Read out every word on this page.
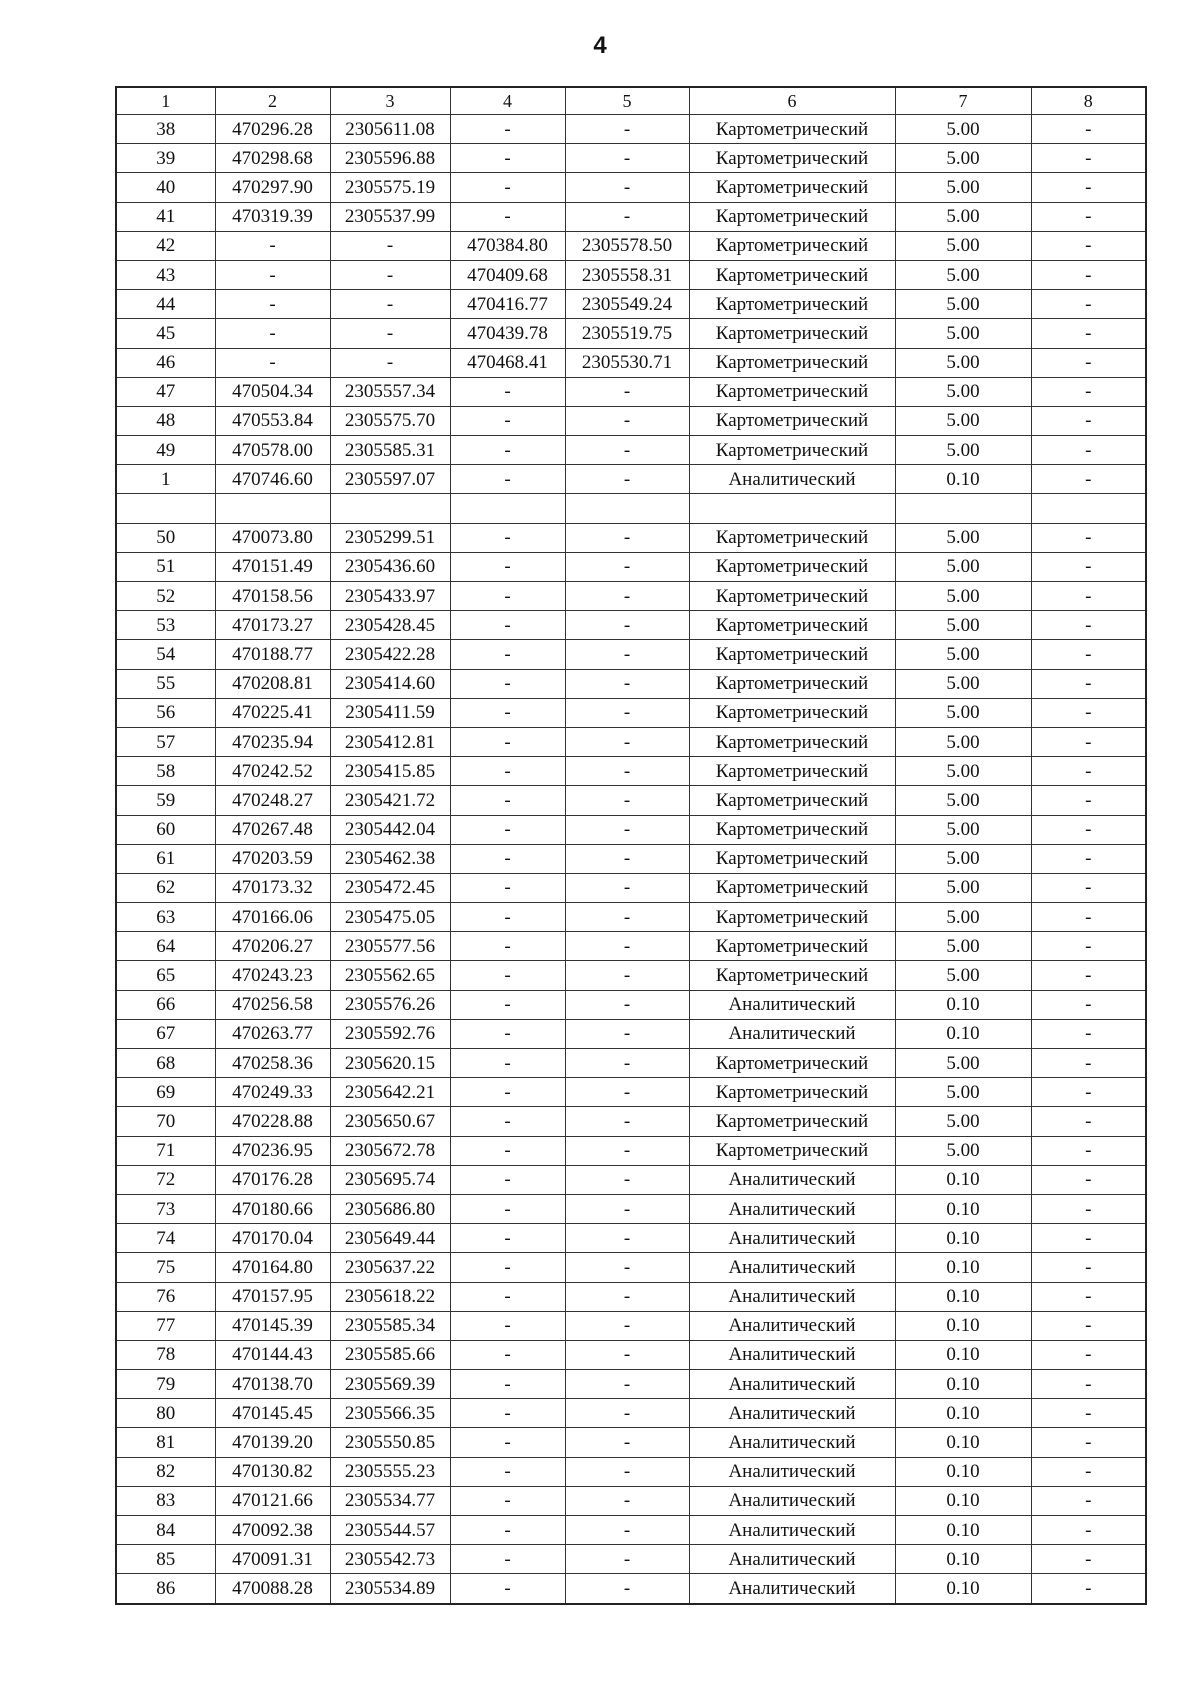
4
1	2	3	4	5	6	7	8
38	470296.28	2305611.08	-	-	Картометрический	5.00	-
39	470298.68	2305596.88	-	-	Картометрический	5.00	-
40	470297.90	2305575.19	-	-	Картометрический	5.00	-
41	470319.39	2305537.99	-	-	Картометрический	5.00	-
42	-	-	470384.80	2305578.50	Картометрический	5.00	-
43	-	-	470409.68	2305558.31	Картометрический	5.00	-
44	-	-	470416.77	2305549.24	Картометрический	5.00	-
45	-	-	470439.78	2305519.75	Картометрический	5.00	-
46	-	-	470468.41	2305530.71	Картометрический	5.00	-
47	470504.34	2305557.34	-	-	Картометрический	5.00	-
48	470553.84	2305575.70	-	-	Картометрический	5.00	-
49	470578.00	2305585.31	-	-	Картометрический	5.00	-
1	470746.60	2305597.07	-	-	Аналитический	0.10	-

50	470073.80	2305299.51	-	-	Картометрический	5.00	-
51	470151.49	2305436.60	-	-	Картометрический	5.00	-
52	470158.56	2305433.97	-	-	Картометрический	5.00	-
53	470173.27	2305428.45	-	-	Картометрический	5.00	-
54	470188.77	2305422.28	-	-	Картометрический	5.00	-
55	470208.81	2305414.60	-	-	Картометрический	5.00	-
56	470225.41	2305411.59	-	-	Картометрический	5.00	-
57	470235.94	2305412.81	-	-	Картометрический	5.00	-
58	470242.52	2305415.85	-	-	Картометрический	5.00	-
59	470248.27	2305421.72	-	-	Картометрический	5.00	-
60	470267.48	2305442.04	-	-	Картометрический	5.00	-
61	470203.59	2305462.38	-	-	Картометрический	5.00	-
62	470173.32	2305472.45	-	-	Картометрический	5.00	-
63	470166.06	2305475.05	-	-	Картометрический	5.00	-
64	470206.27	2305577.56	-	-	Картометрический	5.00	-
65	470243.23	2305562.65	-	-	Картометрический	5.00	-
66	470256.58	2305576.26	-	-	Аналитический	0.10	-
67	470263.77	2305592.76	-	-	Аналитический	0.10	-
68	470258.36	2305620.15	-	-	Картометрический	5.00	-
69	470249.33	2305642.21	-	-	Картометрический	5.00	-
70	470228.88	2305650.67	-	-	Картометрический	5.00	-
71	470236.95	2305672.78	-	-	Картометрический	5.00	-
72	470176.28	2305695.74	-	-	Аналитический	0.10	-
73	470180.66	2305686.80	-	-	Аналитический	0.10	-
74	470170.04	2305649.44	-	-	Аналитический	0.10	-
75	470164.80	2305637.22	-	-	Аналитический	0.10	-
76	470157.95	2305618.22	-	-	Аналитический	0.10	-
77	470145.39	2305585.34	-	-	Аналитический	0.10	-
78	470144.43	2305585.66	-	-	Аналитический	0.10	-
79	470138.70	2305569.39	-	-	Аналитический	0.10	-
80	470145.45	2305566.35	-	-	Аналитический	0.10	-
81	470139.20	2305550.85	-	-	Аналитический	0.10	-
82	470130.82	2305555.23	-	-	Аналитический	0.10	-
83	470121.66	2305534.77	-	-	Аналитический	0.10	-
84	470092.38	2305544.57	-	-	Аналитический	0.10	-
85	470091.31	2305542.73	-	-	Аналитический	0.10	-
86	470088.28	2305534.89	-	-	Аналитический	0.10	-
